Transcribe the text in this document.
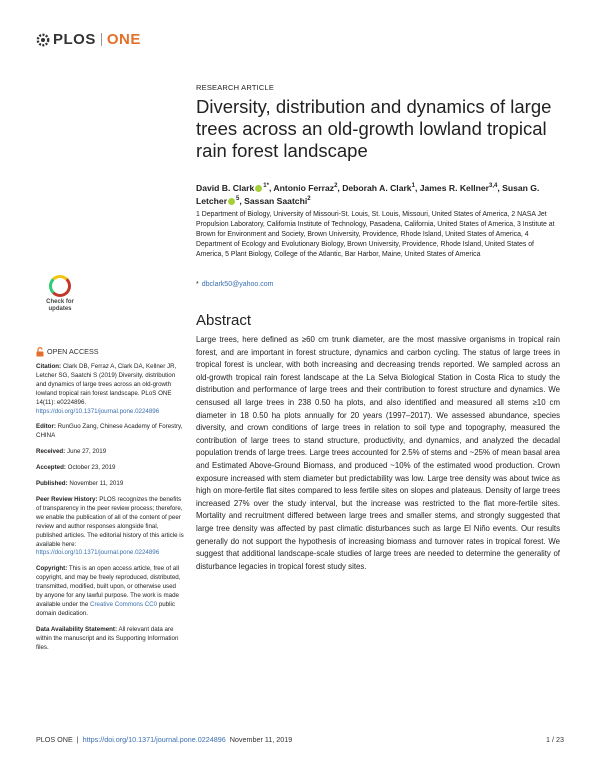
PLOS ONE
RESEARCH ARTICLE
Diversity, distribution and dynamics of large trees across an old-growth lowland tropical rain forest landscape
David B. Clark $^{1*}$, Antonio Ferraz$^2$, Deborah A. Clark$^1$, James R. Kellner$^{3,4}$, Susan G. Letcher $^5$, Sassan Saatchi$^2$
1 Department of Biology, University of Missouri-St. Louis, St. Louis, Missouri, United States of America, 2 NASA Jet Propulsion Laboratory, California Institute of Technology, Pasadena, California, United States of America, 3 Institute at Brown for Environment and Society, Brown University, Providence, Rhode Island, United States of America, 4 Department of Ecology and Evolutionary Biology, Brown University, Providence, Rhode Island, United States of America, 5 Plant Biology, College of the Atlantic, Bar Harbor, Maine, United States of America
* dbclark50@yahoo.com
Check for updates

OPEN ACCESS

Citation: Clark DB, Ferraz A, Clark DA, Kellner JR, Letcher SG, Saatchi S (2019) Diversity, distribution and dynamics of large trees across an old-growth lowland tropical rain forest landscape. PLoS ONE 14(11): e0224896. https://doi.org/10.1371/journal.pone.0224896

Editor: RunGuo Zang, Chinese Academy of Forestry, CHINA

Received: June 27, 2019

Accepted: October 23, 2019

Published: November 11, 2019

Peer Review History: PLOS recognizes the benefits of transparency in the peer review process; therefore, we enable the publication of all of the content of peer review and author responses alongside final, published articles. The editorial history of this article is available here: https://doi.org/10.1371/journal.pone.0224896

Copyright: This is an open access article, free of all copyright, and may be freely reproduced, distributed, transmitted, modified, built upon, or otherwise used by anyone for any lawful purpose. The work is made available under the Creative Commons CC0 public domain dedication.

Data Availability Statement: All relevant data are within the manuscript and its Supporting Information files.

Abstract
Large trees, here defined as ≥60 cm trunk diameter, are the most massive organisms in tropical rain forest, and are important in forest structure, dynamics and carbon cycling. The status of large trees in tropical forest is unclear, with both increasing and decreasing trends reported. We sampled across an old-growth tropical rain forest landscape at the La Selva Biological Station in Costa Rica to study the distribution and performance of large trees and their contribution to forest structure and dynamics. We censused all large trees in 238 0.50 ha plots, and also identified and measured all stems ≥10 cm diameter in 18 0.50 ha plots annually for 20 years (1997–2017). We assessed abundance, species diversity, and crown conditions of large trees in relation to soil type and topography, measured the contribution of large trees to stand structure, productivity, and dynamics, and analyzed the decadal population trends of large trees. Large trees accounted for 2.5% of stems and ~25% of mean basal area and Estimated Above-Ground Biomass, and produced ~10% of the estimated wood production. Crown exposure increased with stem diameter but predictability was low. Large tree density was about twice as high on more-fertile flat sites compared to less fertile sites on slopes and plateaus. Density of large trees increased 27% over the study interval, but the increase was restricted to the flat more-fertile sites. Mortality and recruitment differed between large trees and smaller stems, and strongly suggested that large tree density was affected by past climatic disturbances such as large El Niño events. Our results generally do not support the hypothesis of increasing biomass and turnover rates in tropical forest. We suggest that additional landscape-scale studies of large trees are needed to determine the generality of disturbance legacies in tropical forest study sites.
PLOS ONE | https://doi.org/10.1371/journal.pone.0224896 November 11, 2019	1 / 23
